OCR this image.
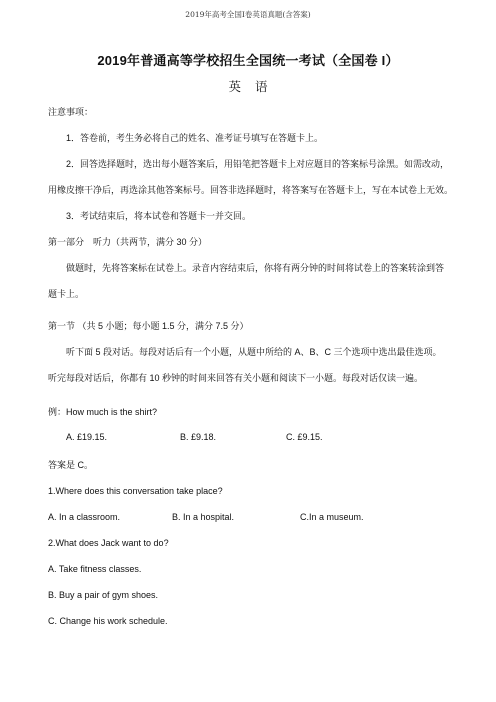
2019年高考全国Ⅰ卷英语真题(含答案)
2019年普通高等学校招生全国统一考试（全国卷 I）
英语
注意事项：
1．答卷前，考生务必将自己的姓名、准考证号填写在答题卡上。
2．回答选择题时，选出每小题答案后，用铅笔把答题卡上对应题目的答案标号涂黑。如需改动，
用橡皮擦干净后，再选涂其他答案标号。回答非选择题时，将答案写在答题卡上，写在本试卷上无效。
3．考试结束后，将本试卷和答题卡一并交回。
第一部分　听力（共两节，满分 30 分）
做题时，先将答案标在试卷上。录音内容结束后，你将有两分钟的时间将试卷上的答案转涂到答
题卡上。
第一节 （共 5 小题；每小题 1.5 分，满分 7.5 分）
听下面 5 段对话。每段对话后有一个小题，从题中所给的 A、B、C 三个选项中选出最佳选项。
听完每段对话后，你都有 10 秒钟的时间来回答有关小题和阅读下一小题。每段对话仅读一遍。
例：How much is the shirt?
A. £19.15.	B. £9.18.	C. £9.15.
答案是 C。
1.Where does this conversation take place?
A. In a classroom.	B. In a hospital.	C.In a museum.
2.What does Jack want to do?
A. Take fitness classes.
B. Buy a pair of gym shoes.
C. Change his work schedule.
